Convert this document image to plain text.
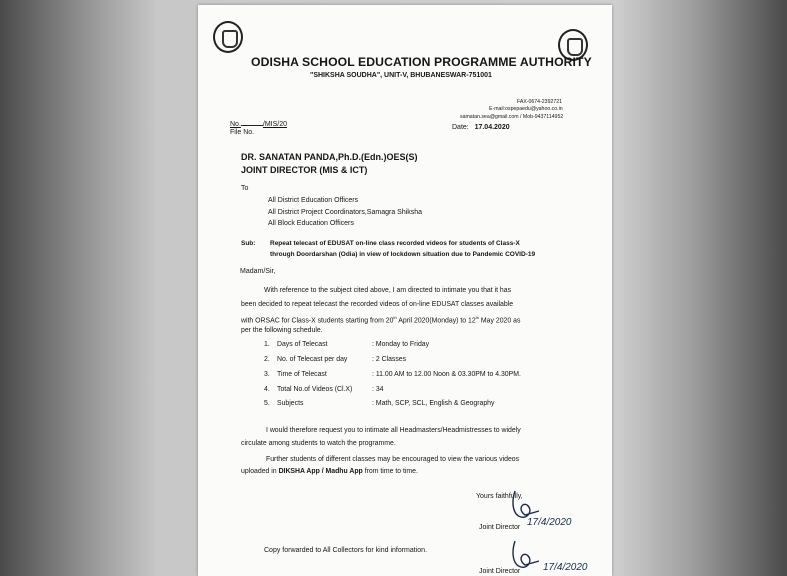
ODISHA SCHOOL EDUCATION PROGRAMME AUTHORITY
"SHIKSHA SOUDHA", UNIT-V, BHUBANESWAR-751001
FAX-0674-2392721
E-mail:ospepaedu@yahoo.co.in
samatan.sea@gmail.com / Mob-9437114952
No.	/MIS/20
File No.
Date: 17.04.2020
DR. SANATAN PANDA,Ph.D.(Edn.)OES(S)
JOINT DIRECTOR (MIS & ICT)
To
All District Education Officers
All District Project Coordinators,Samagra Shiksha
All Block Education Officers
Sub: Repeat telecast of EDUSAT on-line class recorded videos for students of Class-X
through Doordarshan (Odia) in view of lockdown situation due to Pandemic COVID-19
Madam/Sir,
With reference to the subject cited above, I am directed to intimate you that it has
been decided to repeat telecast the recorded videos of on-line EDUSAT classes available
with ORSAC for Class-X students starting from 20th April 2020(Monday) to 12th May 2020 as
per the following schedule.
1. Days of Telecast	: Monday to Friday
2. No. of Telecast per day	: 2 Classes
3. Time of Telecast	: 11.00 AM to 12.00 Noon & 03.30PM to 4.30PM.
4. Total No.of Videos (Cl.X)	: 34
5. Subjects	: Math, SCP, SCL, English & Geography
I would therefore request you to intimate all Headmasters/Headmistresses to widely
circulate among students to watch the programme.
Further students of different classes may be encouraged to view the various videos
uploaded in DIKSHA App / Madhu App from time to time.
Yours faithfully,
Joint Director 17/4/2020
Copy forwarded to All Collectors for kind information.
Joint Director 17/4/2020
